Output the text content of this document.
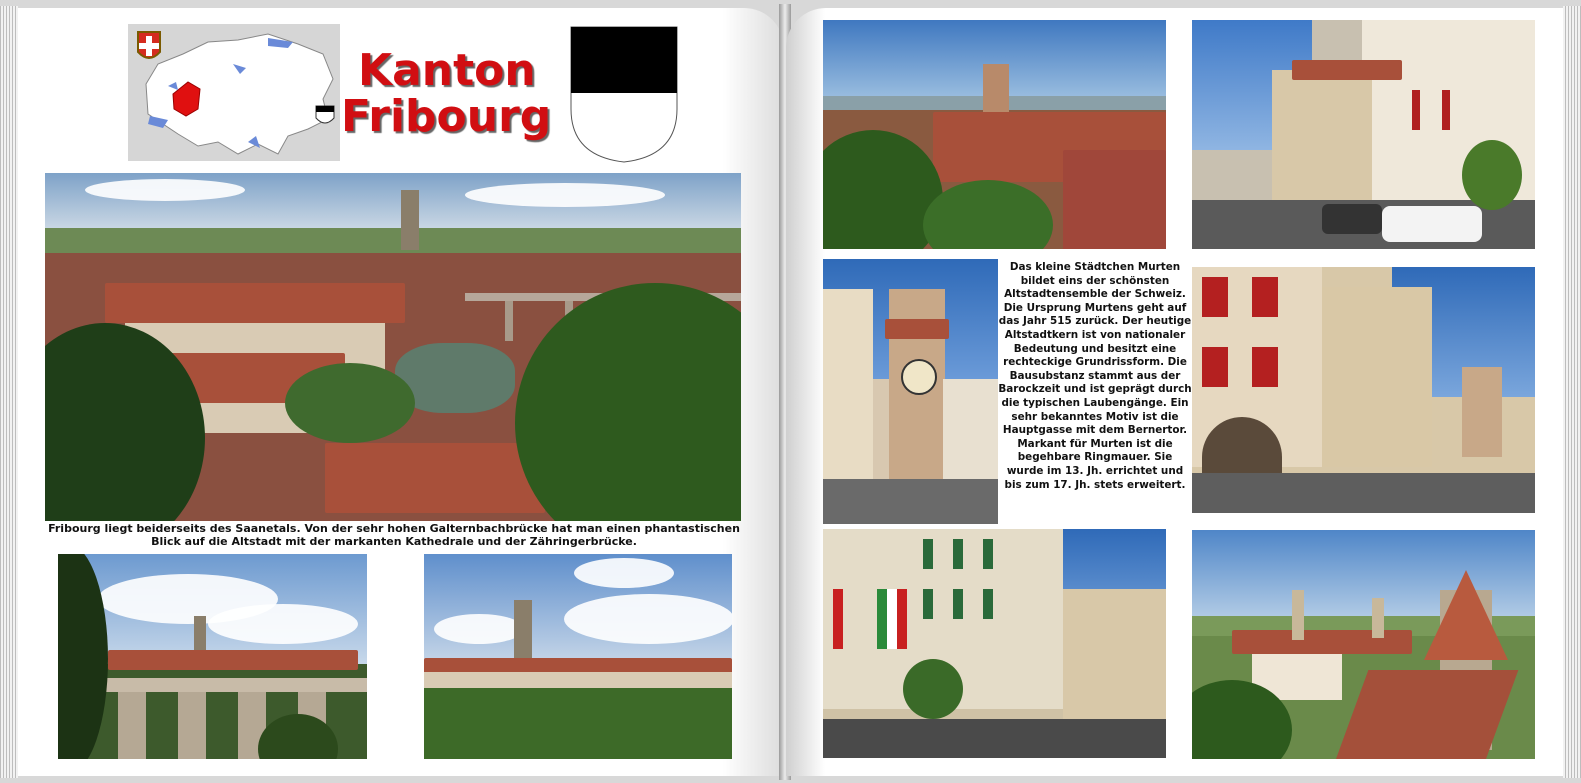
Kanton
Fribourg
Fribourg liegt beiderseits des Saanetals. Von der sehr hohen Galternbachbrücke hat man einen phantastischen Blick auf die Altstadt mit der markanten Kathedrale und der Zähringerbrücke.
Das kleine Städtchen Murten bildet eins der schönsten Altstadtensemble der Schweiz. Die Ursprung Murtens geht auf das Jahr 515 zurück. Der heutige Altstadtkern ist von nationaler Bedeutung und besitzt eine rechteckige Grundrissform. Die Bausubstanz stammt aus der Barockzeit und ist geprägt durch die typischen Laubengänge. Ein sehr bekanntes Motiv ist die Hauptgasse mit dem Bernertor. Markant für Murten ist die begehbare Ringmauer. Sie wurde im 13. Jh. errichtet und bis zum 17. Jh. stets erweitert.
